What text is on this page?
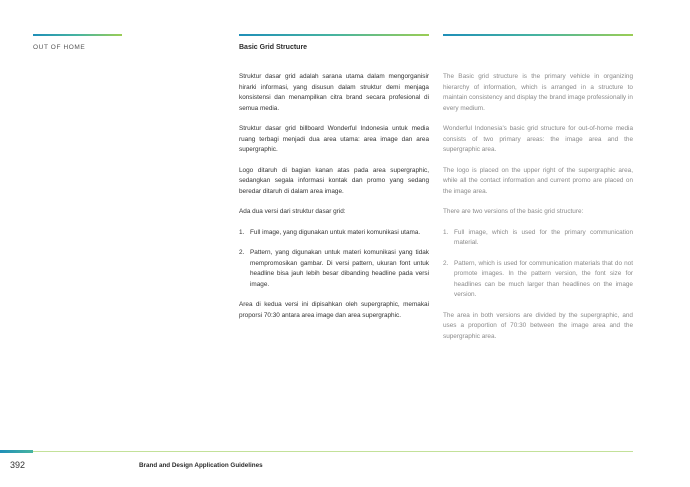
OUT OF HOME	Basic Grid Structure

Struktur dasar grid adalah sarana utama dalam mengorganisir hirarki informasi, yang disusun dalam struktur demi menjaga konsistensi dan menampilkan citra brand secara profesional di semua media.

Struktur dasar grid billboard Wonderful Indonesia untuk media ruang terbagi menjadi dua area utama: area image dan area supergraphic.

Logo ditaruh di bagian kanan atas pada area supergraphic, sedangkan segala informasi kontak dan promo yang sedang beredar ditaruh di dalam area image.

Ada dua versi dari struktur dasar grid:

1. Full image, yang digunakan untuk materi komunikasi utama.
2. Pattern, yang digunakan untuk materi komunikasi yang tidak mempromosikan gambar. Di versi pattern, ukuran font untuk headline bisa jauh lebih besar dibanding headline pada versi image.

Area di kedua versi ini dipisahkan oleh supergraphic, memakai proporsi 70:30 antara area image dan area supergraphic.

The Basic grid structure is the primary vehicle in organizing hierarchy of information, which is arranged in a structure to maintain consistency and display the brand image professionally in every medium.

Wonderful Indonesia's basic grid structure for out-of-home media consists of two primary areas: the image area and the supergraphic area.

The logo is placed on the upper right of the supergraphic area, while all the contact information and current promo are placed on the image area.

There are two versions of the basic grid structure:

1. Full image, which is used for the primary communication material.
2. Pattern, which is used for communication materials that do not promote images. In the pattern version, the font size for headlines can be much larger than headlines on the image version.

The area in both versions are divided by the supergraphic, and uses a proportion of 70:30 between the image area and the supergraphic area.

392	Brand and Design Application Guidelines
